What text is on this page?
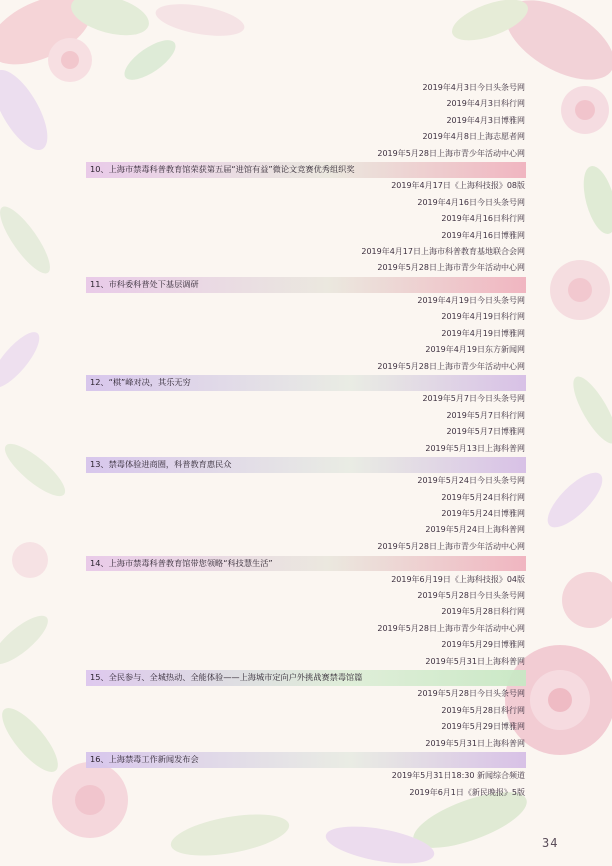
2019年4月3日今日头条号网
2019年4月3日科行网
2019年4月3日博雅网
2019年4月8日上海志愿者网
2019年5月28日上海市青少年活动中心网
10、上海市禁毒科普教育馆荣获第五届“进馆有益”微论文竞赛优秀组织奖
2019年4月17日《上海科技报》08版
2019年4月16日今日头条号网
2019年4月16日科行网
2019年4月16日博雅网
2019年4月17日上海市科普教育基地联合会网
2019年5月28日上海市青少年活动中心网
11、市科委科普处下基层调研
2019年4月19日今日头条号网
2019年4月19日科行网
2019年4月19日博雅网
2019年4月19日东方新闻网
2019年5月28日上海市青少年活动中心网
12、“棋”峰对决，其乐无穷
2019年5月7日今日头条号网
2019年5月7日科行网
2019年5月7日博雅网
2019年5月13日上海科普网
13、禁毒体验进商圈，科普教育惠民众
2019年5月24日今日头条号网
2019年5月24日科行网
2019年5月24日博雅网
2019年5月24日上海科普网
2019年5月28日上海市青少年活动中心网
14、上海市禁毒科普教育馆带您领略“科技慧生活”
2019年6月19日《上海科技报》04版
2019年5月28日今日头条号网
2019年5月28日科行网
2019年5月28日上海市青少年活动中心网
2019年5月29日博雅网
2019年5月31日上海科普网
15、全民参与、全城热动、全能体验——上海城市定向户外挑战赛禁毒馆篇
2019年5月28日今日头条号网
2019年5月28日科行网
2019年5月29日博雅网
2019年5月31日上海科普网
16、上海禁毒工作新闻发布会
2019年5月31日18:30 新闻综合频道
2019年6月1日《新民晚报》5版
34
